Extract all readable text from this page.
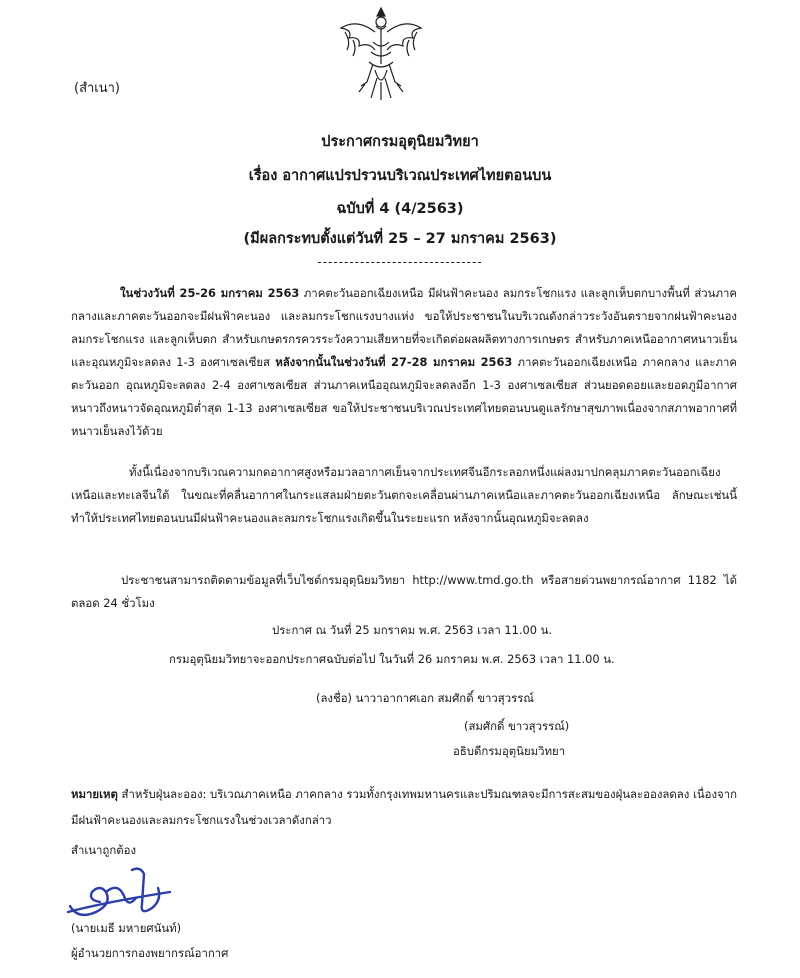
(สำเนา)
ประกาศกรมอุตุนิยมวิทยา
เรื่อง อากาศแปรปรวนบริเวณประเทศไทยตอนบน
ฉบับที่ 4 (4/2563)
(มีผลกระทบตั้งแต่วันที่ 25 – 27 มกราคม 2563)
-------------------------------
ในช่วงวันที่ 25-26 มกราคม 2563 ภาคตะวันออกเฉียงเหนือ มีฝนฟ้าคะนอง ลมกระโชกแรง และลูกเห็บตกบางพื้นที่ ส่วนภาคกลางและภาคตะวันออกจะมีฝนฟ้าคะนอง และลมกระโชกแรงบางแห่ง ขอให้ประชาชนในบริเวณดังกล่าวระวังอันตรายจากฝนฟ้าคะนอง ลมกระโชกแรง และลูกเห็บตก สำหรับเกษตรกรควรระวังความเสียหายที่จะเกิดต่อผลผลิตทางการเกษตร สำหรับภาคเหนืออากาศหนาวเย็นและอุณหภูมิจะลดลง 1-3 องศาเซลเซียส หลังจากนั้นในช่วงวันที่ 27-28 มกราคม 2563 ภาคตะวันออกเฉียงเหนือ ภาคกลาง และภาคตะวันออก อุณหภูมิจะลดลง 2-4 องศาเซลเซียส ส่วนภาคเหนืออุณหภูมิจะลดลงอีก 1-3 องศาเซลเซียส ส่วนยอดดอยและยอดภูมีอากาศหนาวถึงหนาวจัดอุณหภูมิต่ำสุด 1-13 องศาเซลเซียส ขอให้ประชาชนบริเวณประเทศไทยตอนบนดูแลรักษาสุขภาพเนื่องจากสภาพอากาศที่หนาวเย็นลงไว้ด้วย
ทั้งนี้เนื่องจากบริเวณความกดอากาศสูงหรือมวลอากาศเย็นจากประเทศจีนอีกระลอกหนึ่งแผ่ลงมาปกคลุมภาคตะวันออกเฉียงเหนือและทะเลจีนใต้ ในขณะที่คลื่นอากาศในกระแสลมฝ่ายตะวันตกจะเคลื่อนผ่านภาคเหนือและภาคตะวันออกเฉียงเหนือ ลักษณะเช่นนี้ทำให้ประเทศไทยตอนบนมีฝนฟ้าคะนองและลมกระโชกแรงเกิดขึ้นในระยะแรก หลังจากนั้นอุณหภูมิจะลดลง
ประชาชนสามารถติดตามข้อมูลที่เว็บไซต์กรมอุตุนิยมวิทยา http://www.tmd.go.th หรือสายด่วนพยากรณ์อากาศ 1182 ได้ตลอด 24 ชั่วโมง
ประกาศ ณ วันที่ 25 มกราคม พ.ศ. 2563 เวลา 11.00 น.
กรมอุตุนิยมวิทยาจะออกประกาศฉบับต่อไป ในวันที่ 26 มกราคม พ.ศ. 2563 เวลา 11.00 น.
(ลงชื่อ) นาวาอากาศเอก สมศักดิ์ ขาวสุวรรณ์
(สมศักดิ์ ขาวสุวรรณ์)
อธิบดีกรมอุตุนิยมวิทยา
หมายเหตุ สำหรับฝุ่นละออง: บริเวณภาคเหนือ ภาคกลาง รวมทั้งกรุงเทพมหานครและปริมณฑลจะมีการสะสมของฝุ่นละอองลดลง เนื่องจากมีฝนฟ้าคะนองและลมกระโชกแรงในช่วงเวลาดังกล่าว
สำเนาถูกต้อง
(นายเมธี มหายศนันท์)
ผู้อำนวยการกองพยากรณ์อากาศ
